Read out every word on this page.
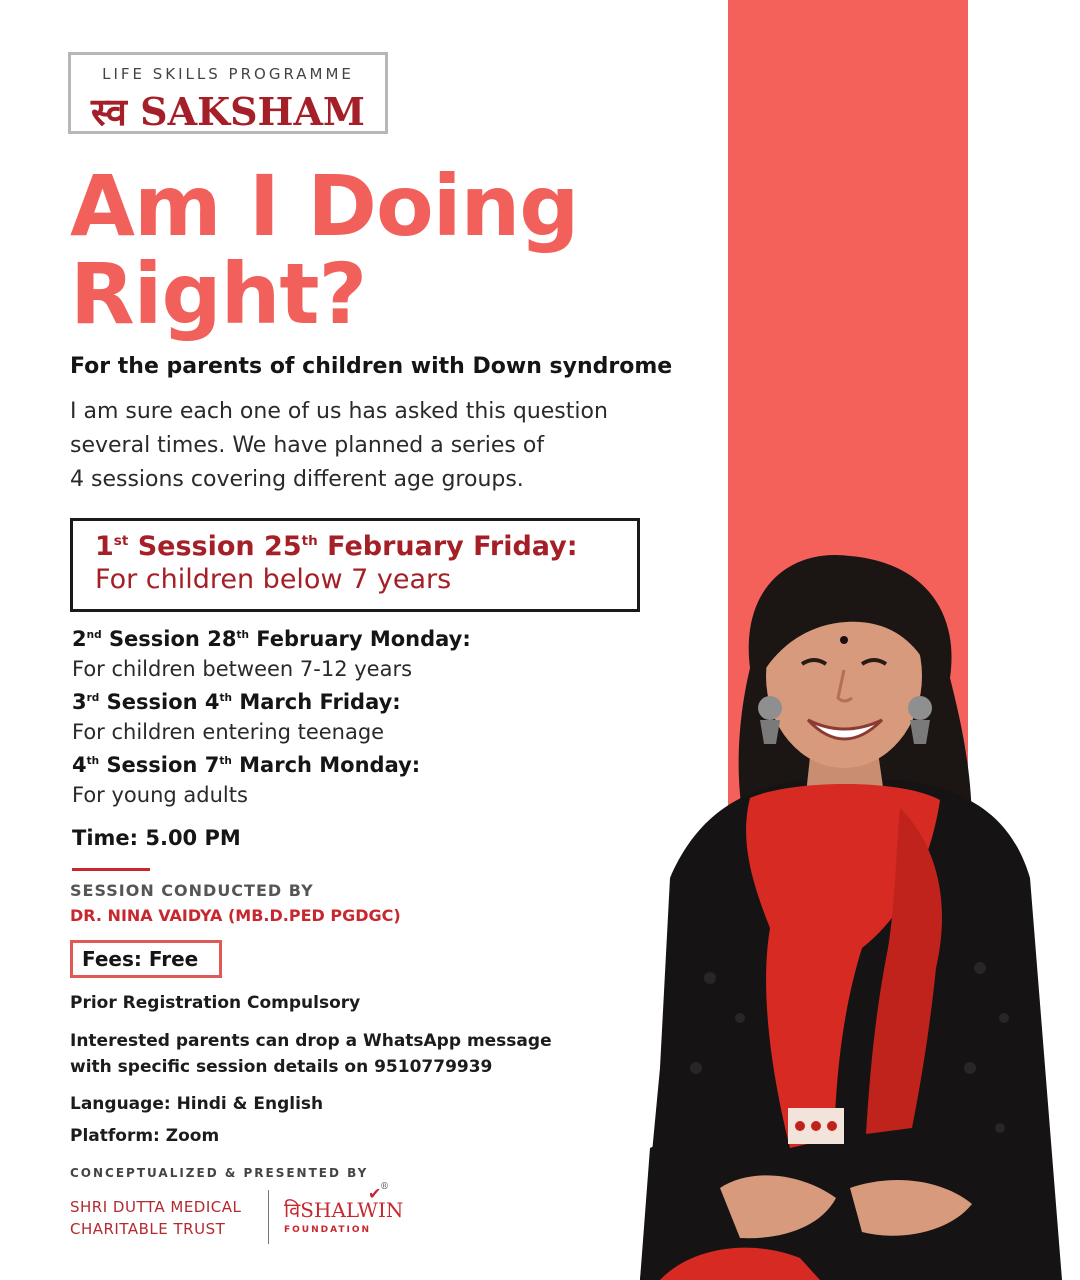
LIFE SKILLS PROGRAMME
स्व SAKSHAM
Am I Doing
Right?
For the parents of children with Down syndrome
I am sure each one of us has asked this question
several times. We have planned a series of
4 sessions covering different age groups.
1st Session 25th February Friday:
For children below 7 years
2nd Session 28th February Monday:
For children between 7-12 years
3rd Session 4th March Friday:
For children entering teenage
4th Session 7th March Monday:
For young adults
Time: 5.00 PM
SESSION CONDUCTED BY
DR. NINA VAIDYA (MB.D.PED PGDGC)
Fees: Free
Prior Registration Compulsory
Interested parents can drop a WhatsApp message
with specific session details on 9510779939
Language: Hindi & English
Platform: Zoom
CONCEPTUALIZED & PRESENTED BY
SHRI DUTTA MEDICAL
CHARITABLE TRUST
विSHALWIN
✔
®
FOUNDATION
